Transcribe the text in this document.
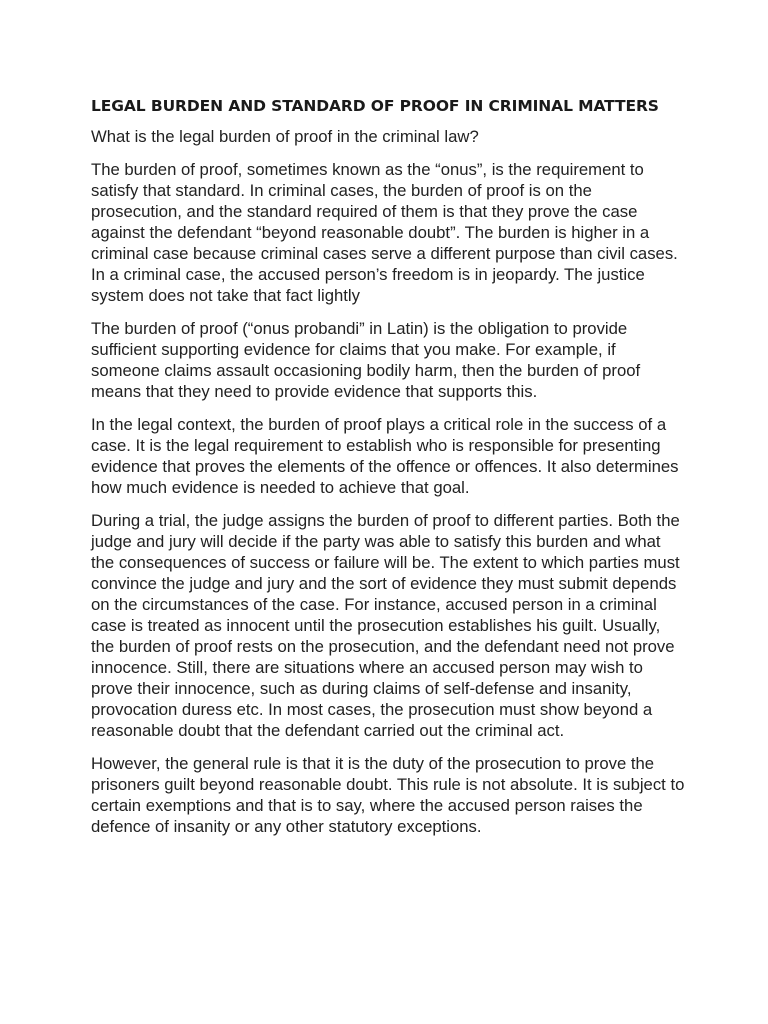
LEGAL BURDEN AND STANDARD OF PROOF IN CRIMINAL MATTERS

What is the legal burden of proof in the criminal law?

The burden of proof, sometimes known as the “onus”, is the requirement to satisfy that standard. In criminal cases, the burden of proof is on the prosecution, and the standard required of them is that they prove the case against the defendant “beyond reasonable doubt”. The burden is higher in a criminal case because criminal cases serve a different purpose than civil cases. In a criminal case, the accused person’s freedom is in jeopardy. The justice system does not take that fact lightly

The burden of proof (“onus probandi” in Latin) is the obligation to provide sufficient supporting evidence for claims that you make. For example, if someone claims assault occasioning bodily harm, then the burden of proof means that they need to provide evidence that supports this.

In the legal context, the burden of proof plays a critical role in the success of a case. It is the legal requirement to establish who is responsible for presenting evidence that proves the elements of the offence or offences. It also determines how much evidence is needed to achieve that goal.

During a trial, the judge assigns the burden of proof to different parties. Both the judge and jury will decide if the party was able to satisfy this burden and what the consequences of success or failure will be. The extent to which parties must convince the judge and jury and the sort of evidence they must submit depends on the circumstances of the case. For instance, accused person in a criminal case is treated as innocent until the prosecution establishes his guilt. Usually, the burden of proof rests on the prosecution, and the defendant need not prove innocence. Still, there are situations where an accused person may wish to prove their innocence, such as during claims of self-defense and insanity, provocation duress etc. In most cases, the prosecution must show beyond a reasonable doubt that the defendant carried out the criminal act.

However, the general rule is that it is the duty of the prosecution to prove the prisoners guilt beyond reasonable doubt. This rule is not absolute. It is subject to certain exemptions and that is to say, where the accused person raises the defence of insanity or any other statutory exceptions.
